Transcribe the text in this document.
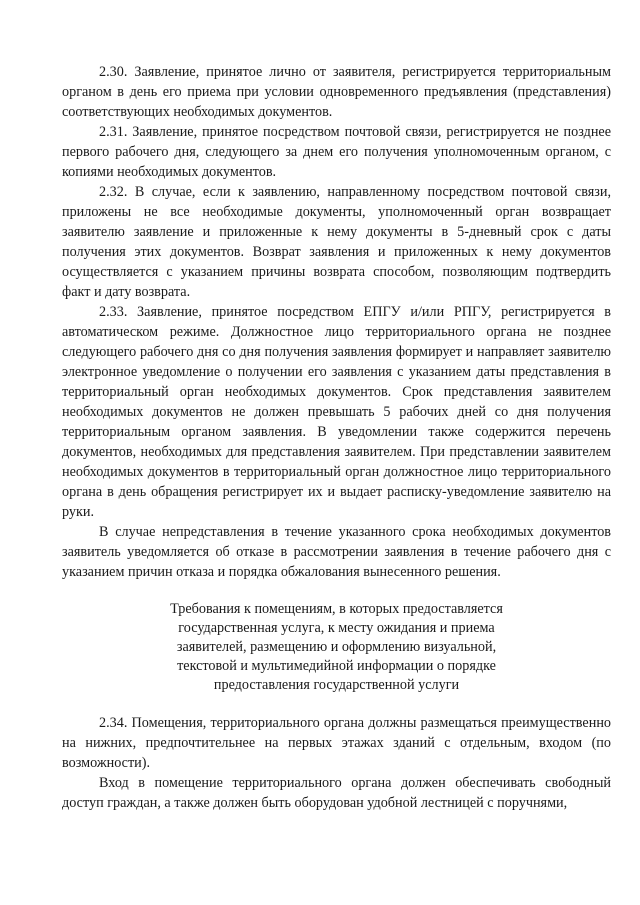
2.30. Заявление, принятое лично от заявителя, регистрируется территориальным органом в день его приема при условии одновременного предъявления (представления) соответствующих необходимых документов.

2.31. Заявление, принятое посредством почтовой связи, регистрируется не позднее первого рабочего дня, следующего за днем его получения уполномоченным органом, с копиями необходимых документов.

2.32. В случае, если к заявлению, направленному посредством почтовой связи, приложены не все необходимые документы, уполномоченный орган возвращает заявителю заявление и приложенные к нему документы в 5-дневный срок с даты получения этих документов. Возврат заявления и приложенных к нему документов осуществляется с указанием причины возврата способом, позволяющим подтвердить факт и дату возврата.

2.33. Заявление, принятое посредством ЕПГУ и/или РПГУ, регистрируется в автоматическом режиме. Должностное лицо территориального органа не позднее следующего рабочего дня со дня получения заявления формирует и направляет заявителю электронное уведомление о получении его заявления с указанием даты представления в территориальный орган необходимых документов. Срок представления заявителем необходимых документов не должен превышать 5 рабочих дней со дня получения территориальным органом заявления. В уведомлении также содержится перечень документов, необходимых для представления заявителем. При представлении заявителем необходимых документов в территориальный орган должностное лицо территориального органа в день обращения регистрирует их и выдает расписку-уведомление заявителю на руки.

В случае непредставления в течение указанного срока необходимых документов заявитель уведомляется об отказе в рассмотрении заявления в течение рабочего дня с указанием причин отказа и порядка обжалования вынесенного решения.

Требования к помещениям, в которых предоставляется
государственная услуга, к месту ожидания и приема
заявителей, размещению и оформлению визуальной,
текстовой и мультимедийной информации о порядке
предоставления государственной услуги

2.34. Помещения, территориального органа должны размещаться преимущественно на нижних, предпочтительнее на первых этажах зданий с отдельным, входом (по возможности).

Вход в помещение территориального органа должен обеспечивать свободный доступ граждан, а также должен быть оборудован удобной лестницей с поручнями,
